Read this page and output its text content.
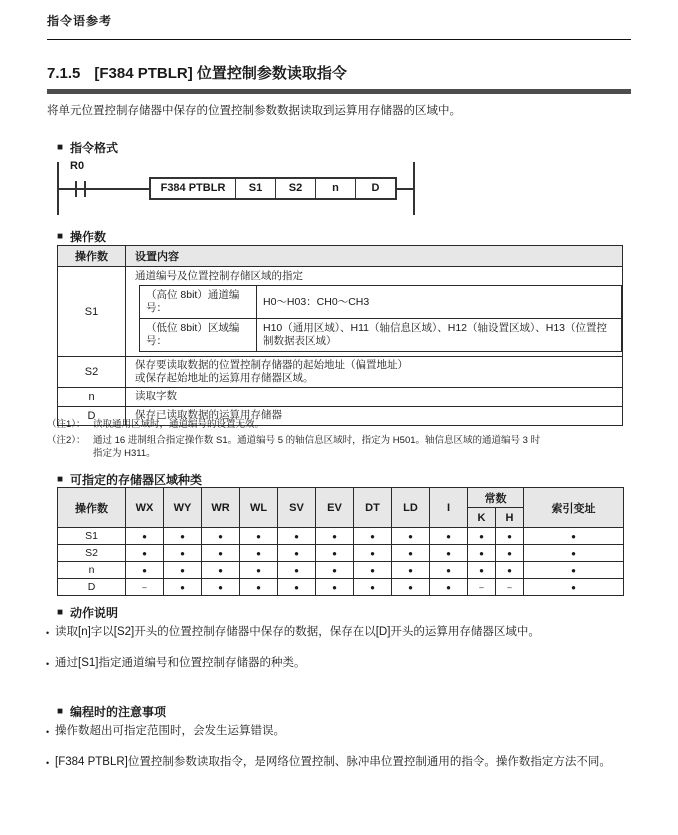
指令语参考
7.1.5 [F384 PTBLR] 位置控制参数读取指令
将单元位置控制存储器中保存的位置控制参数数据读取到运算用存储器的区域中。
■ 指令格式
R0
F384 PTBLR	S1	S2	n	D
■ 操作数
操作数	设置内容
S1	
通道编号及位置控制存储区域的指定
（高位 8bit）通道编号：	H0～H03：CH0～CH3
（低位 8bit）区域编号：	H10（通用区域）、H11（轴信息区域）、H12（轴设置区域）、H13（位置控制数据表区域）

S2	
保存要读取数据的位置控制存储器的起始地址（偏置地址）
或保存起始地址的运算用存储器区域。

n	读取字数

D	保存已读取数据的运算用存储器
（注1）： 读取通用区域时，通道编号的设置无效。
（注2）： 通过 16 进制组合指定操作数 S1。通道编号 5 的轴信息区域时，指定为 H501。轴信息区域的通道编号 3 时
指定为 H311。
■ 可指定的存储器区域种类
操作数	WX	WY	WR	WL	SV	EV	DT	LD	I	常数		索引变址
										K	H	
S1	●	●	●	●	●	●	●	●	●	●	●	●
S2	●	●	●	●	●	●	●	●	●	●	●	●
n	●	●	●	●	●	●	●	●	●	●	●	●
D	–	●	●	●	●	●	●	●	●	–	–	●
■ 动作说明
• 读取[n]字以[S2]开头的位置控制存储器中保存的数据，保存在以[D]开头的运算用存储器区域中。
• 通过[S1]指定通道编号和位置控制存储器的种类。
■ 编程时的注意事项
• 操作数超出可指定范围时，会发生运算错误。
• [F384 PTBLR]位置控制参数读取指令，是网络位置控制、脉冲串位置控制通用的指令。操作数指定方法不同。
